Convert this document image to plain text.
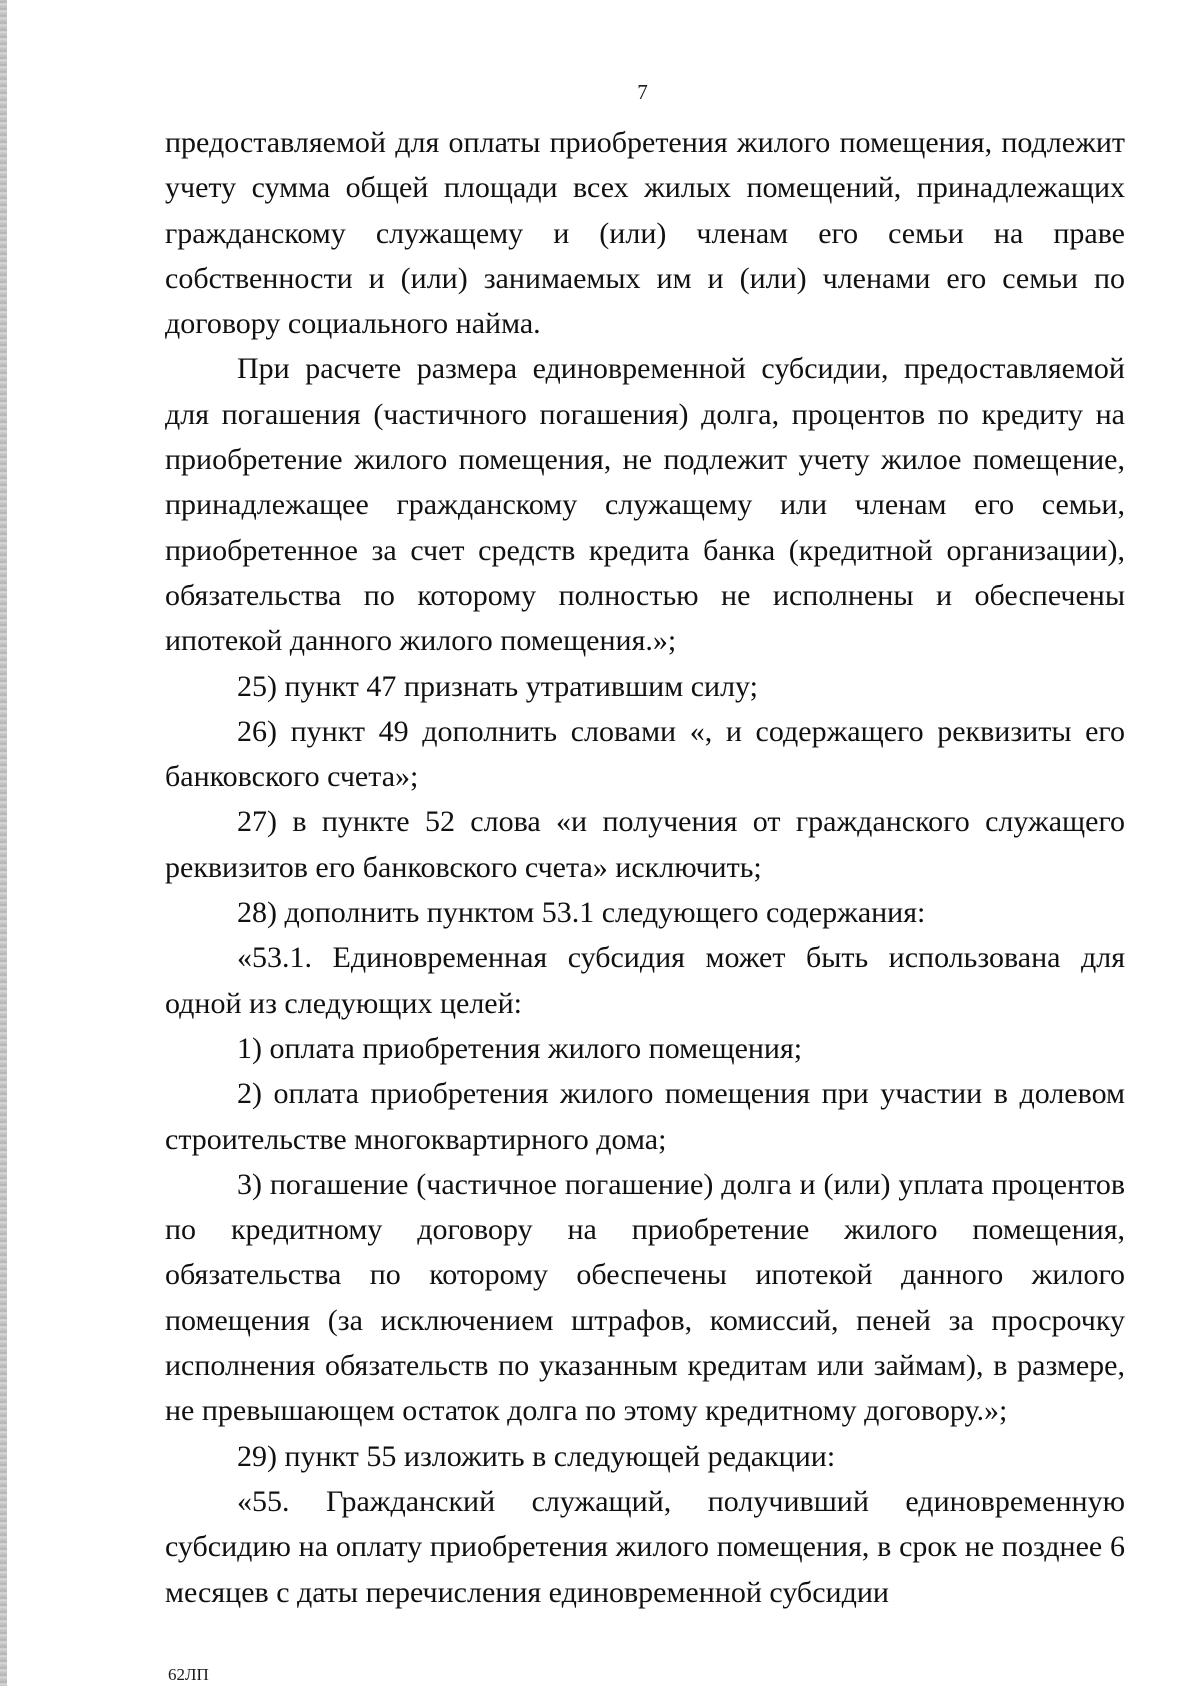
7

предоставляемой для оплаты приобретения жилого помещения, подлежит учету сумма общей площади всех жилых помещений, принадлежащих гражданскому служащему и (или) членам его семьи на праве собственности и (или) занимаемых им и (или) членами его семьи по договору социального найма.

При расчете размера единовременной субсидии, предоставляемой для погашения (частичного погашения) долга, процентов по кредиту на приобретение жилого помещения, не подлежит учету жилое помещение, принадлежащее гражданскому служащему или членам его семьи, приобретенное за счет средств кредита банка (кредитной организации), обязательства по которому полностью не исполнены и обеспечены ипотекой данного жилого помещения.»;

25) пункт 47 признать утратившим силу;

26) пункт 49 дополнить словами «, и содержащего реквизиты его банковского счета»;

27) в пункте 52 слова «и получения от гражданского служащего реквизитов его банковского счета» исключить;

28) дополнить пунктом 53.1 следующего содержания:

«53.1. Единовременная субсидия может быть использована для одной из следующих целей:

1) оплата приобретения жилого помещения;

2) оплата приобретения жилого помещения при участии в долевом строительстве многоквартирного дома;

3) погашение (частичное погашение) долга и (или) уплата процентов по кредитному договору на приобретение жилого помещения, обязательства по которому обеспечены ипотекой данного жилого помещения (за исключением штрафов, комиссий, пеней за просрочку исполнения обязательств по указанным кредитам или займам), в размере, не превышающем остаток долга по этому кредитному договору.»;

29) пункт 55 изложить в следующей редакции:

«55. Гражданский служащий, получивший единовременную субсидию на оплату приобретения жилого помещения, в срок не позднее 6 месяцев с даты перечисления единовременной субсидии

62ЛП
